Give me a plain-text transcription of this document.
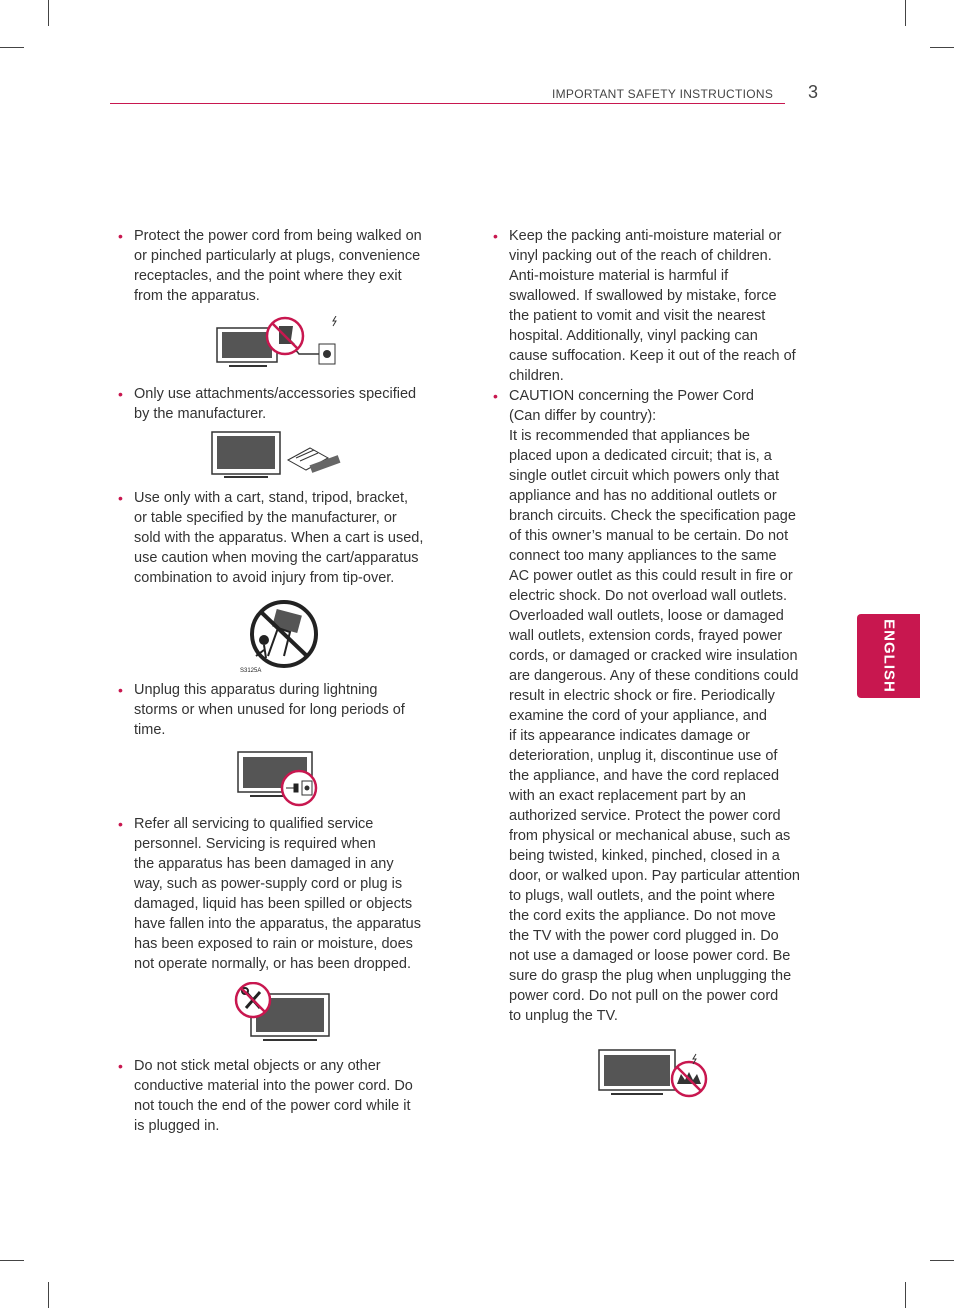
IMPORTANT SAFETY INSTRUCTIONS 3
ENGLISH
• Protect the power cord from being walked on
or pinched particularly at plugs, convenience
receptacles, and the point where they exit
from the apparatus.
• Only use attachments/accessories specified
by the manufacturer.
• Use only with a cart, stand, tripod, bracket,
or table specified by the manufacturer, or
sold with the apparatus. When a cart is used,
use caution when moving the cart/apparatus
combination to avoid injury from tip-over.
S3125A
• Unplug this apparatus during lightning
storms or when unused for long periods of
time.
• Refer all servicing to qualified service
personnel. Servicing is required when
the apparatus has been damaged in any
way, such as power-supply cord or plug is
damaged, liquid has been spilled or objects
have fallen into the apparatus, the apparatus
has been exposed to rain or moisture, does
not operate normally, or has been dropped.
• Do not stick metal objects or any other
conductive material into the power cord. Do
not touch the end of the power cord while it
is plugged in.
• Keep the packing anti-moisture material or
vinyl packing out of the reach of children.
Anti-moisture material is harmful if
swallowed. If swallowed by mistake, force
the patient to vomit and visit the nearest
hospital. Additionally, vinyl packing can
cause suffocation. Keep it out of the reach of
children.
• CAUTION concerning the Power Cord
(Can differ by country):
It is recommended that appliances be
placed upon a dedicated circuit; that is, a
single outlet circuit which powers only that
appliance and has no additional outlets or
branch circuits. Check the specification page
of this owner’s manual to be certain. Do not
connect too many appliances to the same
AC power outlet as this could result in fire or
electric shock. Do not overload wall outlets.
Overloaded wall outlets, loose or damaged
wall outlets, extension cords, frayed power
cords, or damaged or cracked wire insulation
are dangerous. Any of these conditions could
result in electric shock or fire. Periodically
examine the cord of your appliance, and
if its appearance indicates damage or
deterioration, unplug it, discontinue use of
the appliance, and have the cord replaced
with an exact replacement part by an
authorized service. Protect the power cord
from physical or mechanical abuse, such as
being twisted, kinked, pinched, closed in a
door, or walked upon. Pay particular attention
to plugs, wall outlets, and the point where
the cord exits the appliance. Do not move
the TV with the power cord plugged in. Do
not use a damaged or loose power cord. Be
sure do grasp the plug when unplugging the
power cord. Do not pull on the power cord
to unplug the TV.
